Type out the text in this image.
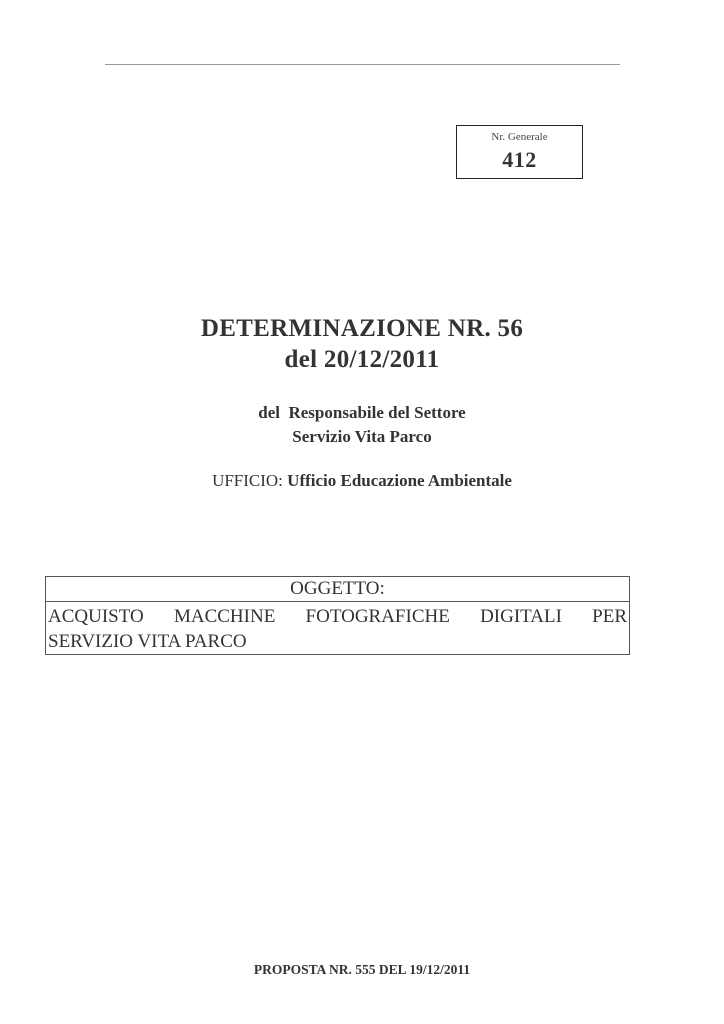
Nr. Generale
412
DETERMINAZIONE NR. 56
del 20/12/2011
del  Responsabile del Settore
Servizio Vita Parco
UFFICIO: Ufficio Educazione Ambientale
OGGETTO:
ACQUISTO MACCHINE FOTOGRAFICHE DIGITALI PER
SERVIZIO VITA PARCO
PROPOSTA NR. 555 DEL 19/12/2011
